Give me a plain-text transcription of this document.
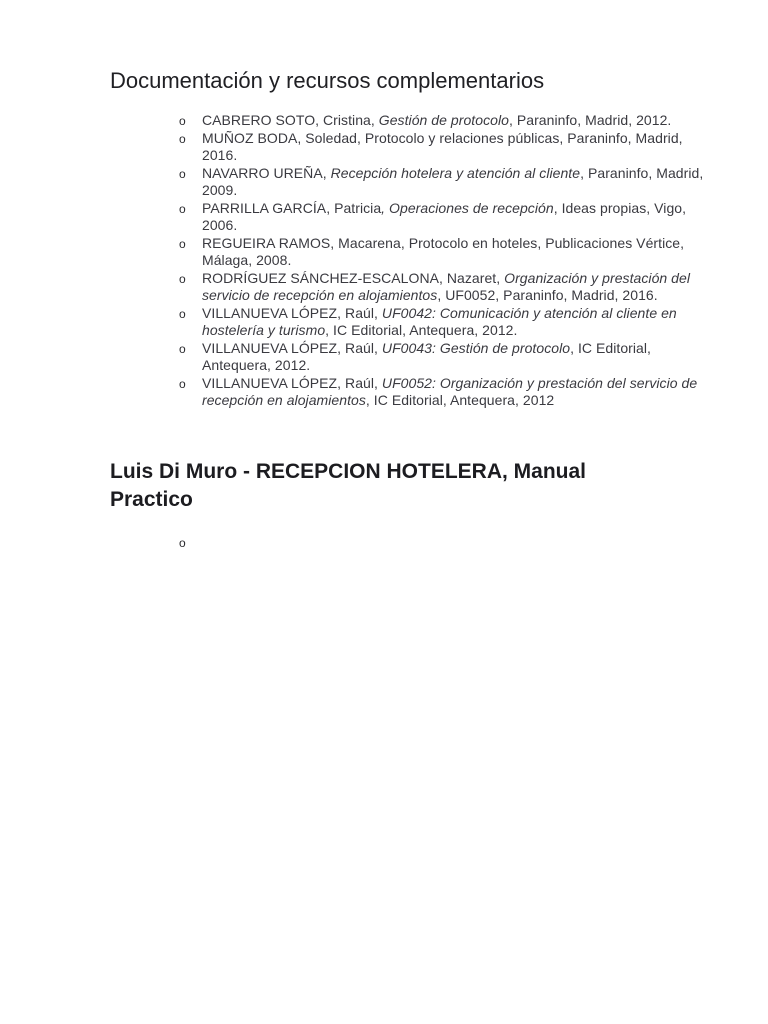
Documentación y recursos complementarios
o	CABRERO SOTO, Cristina, Gestión de protocolo, Paraninfo, Madrid, 2012.
o	MUÑOZ BODA, Soledad, Protocolo y relaciones públicas, Paraninfo, Madrid, 2016.
o	NAVARRO UREÑA, Recepción hotelera y atención al cliente, Paraninfo, Madrid, 2009.
o	PARRILLA GARCÍA, Patricia, Operaciones de recepción, Ideas propias, Vigo, 2006.
o	REGUEIRA RAMOS, Macarena, Protocolo en hoteles, Publicaciones Vértice, Málaga, 2008.
o	RODRÍGUEZ SÁNCHEZ-ESCALONA, Nazaret, Organización y prestación del servicio de recepción en alojamientos, UF0052, Paraninfo, Madrid, 2016.
o	VILLANUEVA LÓPEZ, Raúl, UF0042: Comunicación y atención al cliente en hostelería y turismo, IC Editorial, Antequera, 2012.
o	VILLANUEVA LÓPEZ, Raúl, UF0043: Gestión de protocolo, IC Editorial, Antequera, 2012.
o	VILLANUEVA LÓPEZ, Raúl, UF0052: Organización y prestación del servicio de recepción en alojamientos, IC Editorial, Antequera, 2012
Luis Di Muro - RECEPCION HOTELERA, Manual Practico
o
